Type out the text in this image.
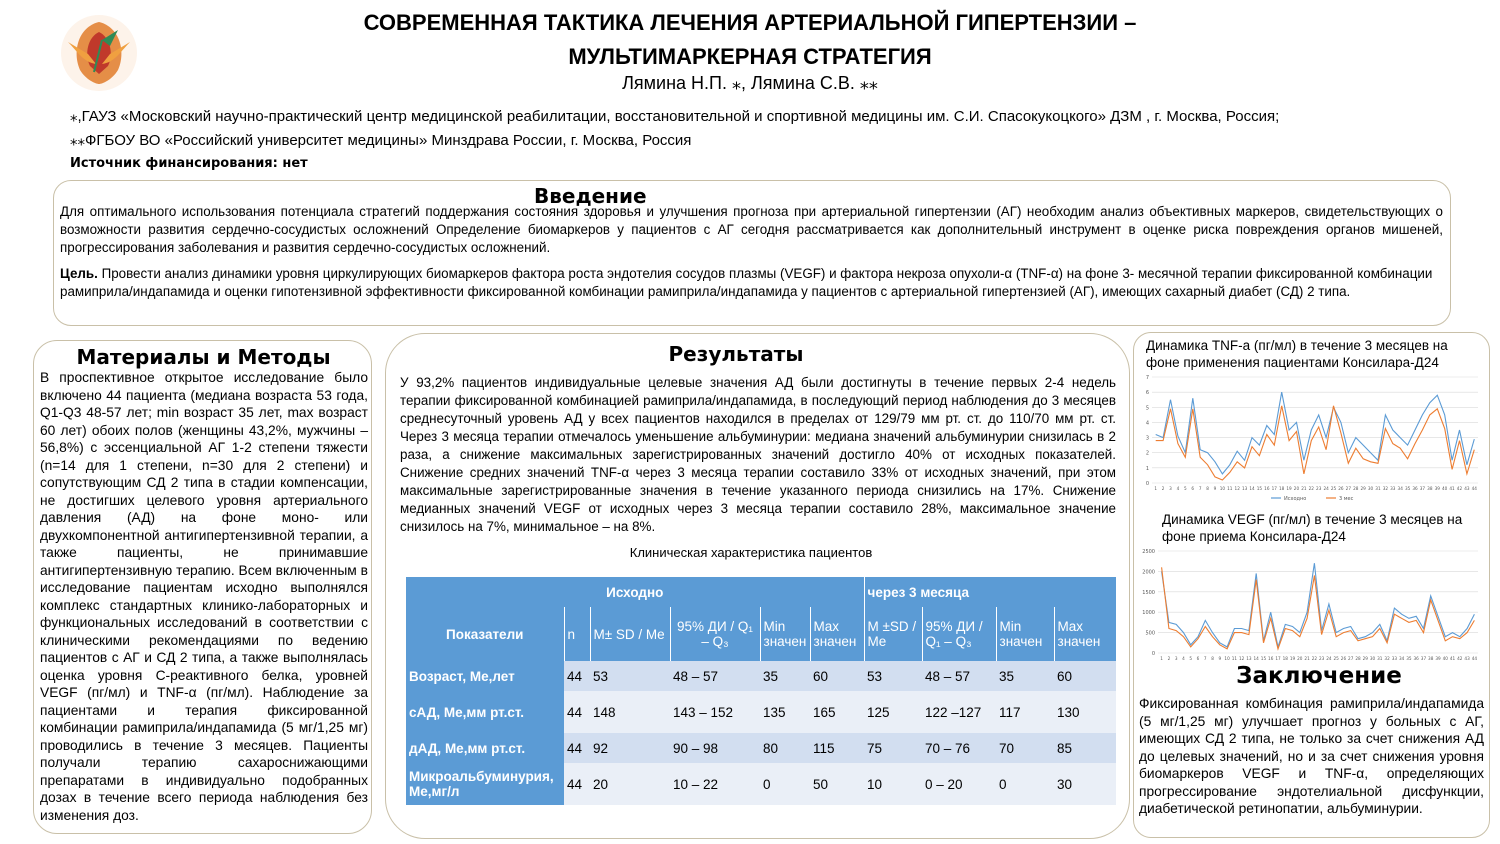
СОВРЕМЕННАЯ ТАКТИКА ЛЕЧЕНИЯ АРТЕРИАЛЬНОЙ ГИПЕРТЕНЗИИ –
МУЛЬТИМАРКЕРНАЯ СТРАТЕГИЯ
Лямина Н.П. ⁎, Лямина С.В. ⁎⁎
⁎,ГАУЗ «Московский научно-практический центр медицинской реабилитации, восстановительной и спортивной медицины им. С.И. Спасокукоцкого» ДЗМ , г. Москва, Россия;
⁎⁎ФГБОУ ВО «Российский университет медицины» Минздрава России, г. Москва, Россия
Источник финансирования: нет
Введение
Для оптимального использования потенциала стратегий поддержания состояния здоровья и улучшения прогноза при артериальной гипертензии (АГ) необходим анализ объективных маркеров, свидетельствующих о возможности развития сердечно-сосудистых осложнений Определение биомаркеров у пациентов с АГ сегодня рассматривается как дополнительный инструмент в оценке риска повреждения органов мишеней, прогрессирования заболевания и развития сердечно-сосудистых осложнений.
Цель. Провести анализ динамики уровня циркулирующих биомаркеров фактора роста эндотелия сосудов плазмы (VEGF) и фактора некроза опухоли-α (TNF-α) на фоне 3- месячной терапии фиксированной комбинации рамиприла/индапамида и оценки гипотензивной эффективности фиксированной комбинации рамиприла/индапамида у пациентов с артериальной гипертензией (АГ), имеющих сахарный диабет (СД) 2 типа.
Материалы и Методы
В проспективное открытое исследование было включено 44 пациента (медиана возраста 53 года, Q1-Q3 48-57 лет; min возраст 35 лет, max возраст 60 лет) обоих полов (женщины 43,2%, мужчины – 56,8%) с эссенциальной АГ 1-2 степени тяжести (n=14 для 1 степени, n=30 для 2 степени) и сопутствующим СД 2 типа в стадии компенсации, не достигших целевого уровня артериального давления (АД) на фоне моно- или двухкомпонентной антигипертензивной терапии, а также пациенты, не принимавшие антигипертензивную терапию. Всем включенным в исследование пациентам исходно выполнялся комплекс стандартных клинико-лабораторных и функциональных исследований в соответствии с клиническими рекомендациями по ведению пациентов с АГ и СД 2 типа, а также выполнялась оценка уровня С-реактивного белка, уровней VEGF (пг/мл) и TNF-α (пг/мл). Наблюдение за пациентами и терапия фиксированной комбинации рамиприла/индапамида (5 мг/1,25 мг) проводились в течение 3 месяцев. Пациенты получали терапию сахароснижающими препаратами в индивидуально подобранных дозах в течение всего периода наблюдения без изменения доз.
Результаты
У 93,2% пациентов индивидуальные целевые значения АД были достигнуты в течение первых 2-4 недель терапии фиксированной комбинацией рамиприла/индапамида, в последующий период наблюдения до 3 месяцев среднесуточный уровень АД у всех пациентов находился в пределах от 129/79 мм рт. ст. до 110/70 мм рт. ст. Через 3 месяца терапии отмечалось уменьшение альбуминурии: медиана значений альбуминурии снизилась в 2 раза, а снижение максимальных зарегистрированных значений достигло 40% от исходных показателей. Снижение средних значений TNF-α через 3 месяца терапии составило 33% от исходных значений, при этом максимальные зарегистрированные значения в течение указанного периода снизились на 17%. Снижение медианных значений VEGF от исходных через 3 месяца терапии составило 28%, максимальное значение снизилось на 7%, минимальное – на 8%.
Клиническая характеристика пациентов
Исходно						через 3 месяца			
Показатели	n	M± SD / Me	95% ДИ / Q₁ – Q₃	Min значен	Max значен	M ±SD / Me	95% ДИ / Q₁ – Q₃	Min значен	Max значен
Возраст, Ме,лет	44	53	48 – 57	35	60	53	48 – 57	35	60
сАД, Ме,мм рт.ст.	44	148	143 – 152	135	165	125	122 –127	117	130
дАД, Ме,мм рт.ст.	44	92	90 – 98	80	115	75	70 – 76	70	85
Микроальбуминурия, Ме,мг/л	44	20	10 – 22	0	50	10	0 – 20	0	30
Динамика TNF-a (пг/мл) в течение 3 месяцев на фоне применения пациентами Консилара-Д24
0
1
2
3
4
5
6
7
1 2 3 4 5 6 7 8 9 10 11 12 13 14 15 16 17 18 19 20 21 22 23 24 25 26 27 28 29 30 31 32 33 34 35 36 37 38 39 40 41 42 43 44
Исходно	3 мес
Динамика VEGF (пг/мл) в течение 3 месяцев на фоне приема Консилара-Д24
0
500
1000
1500
2000
2500
1 2 3 4 5 6 7 8 9 10 11 12 13 14 15 16 17 18 19 20 21 22 23 24 25 26 27 28 29 30 31 32 33 34 35 36 37 38 39 40 41 42 43 44
Заключение
Фиксированная комбинация рамиприла/индапамида (5 мг/1,25 мг) улучшает прогноз у больных с АГ, имеющих СД 2 типа, не только за счет снижения АД до целевых значений, но и за счет снижения уровня биомаркеров VEGF и TNF-α, определяющих прогрессирование эндотелиальной дисфункции, диабетической ретинопатии, альбуминурии.
